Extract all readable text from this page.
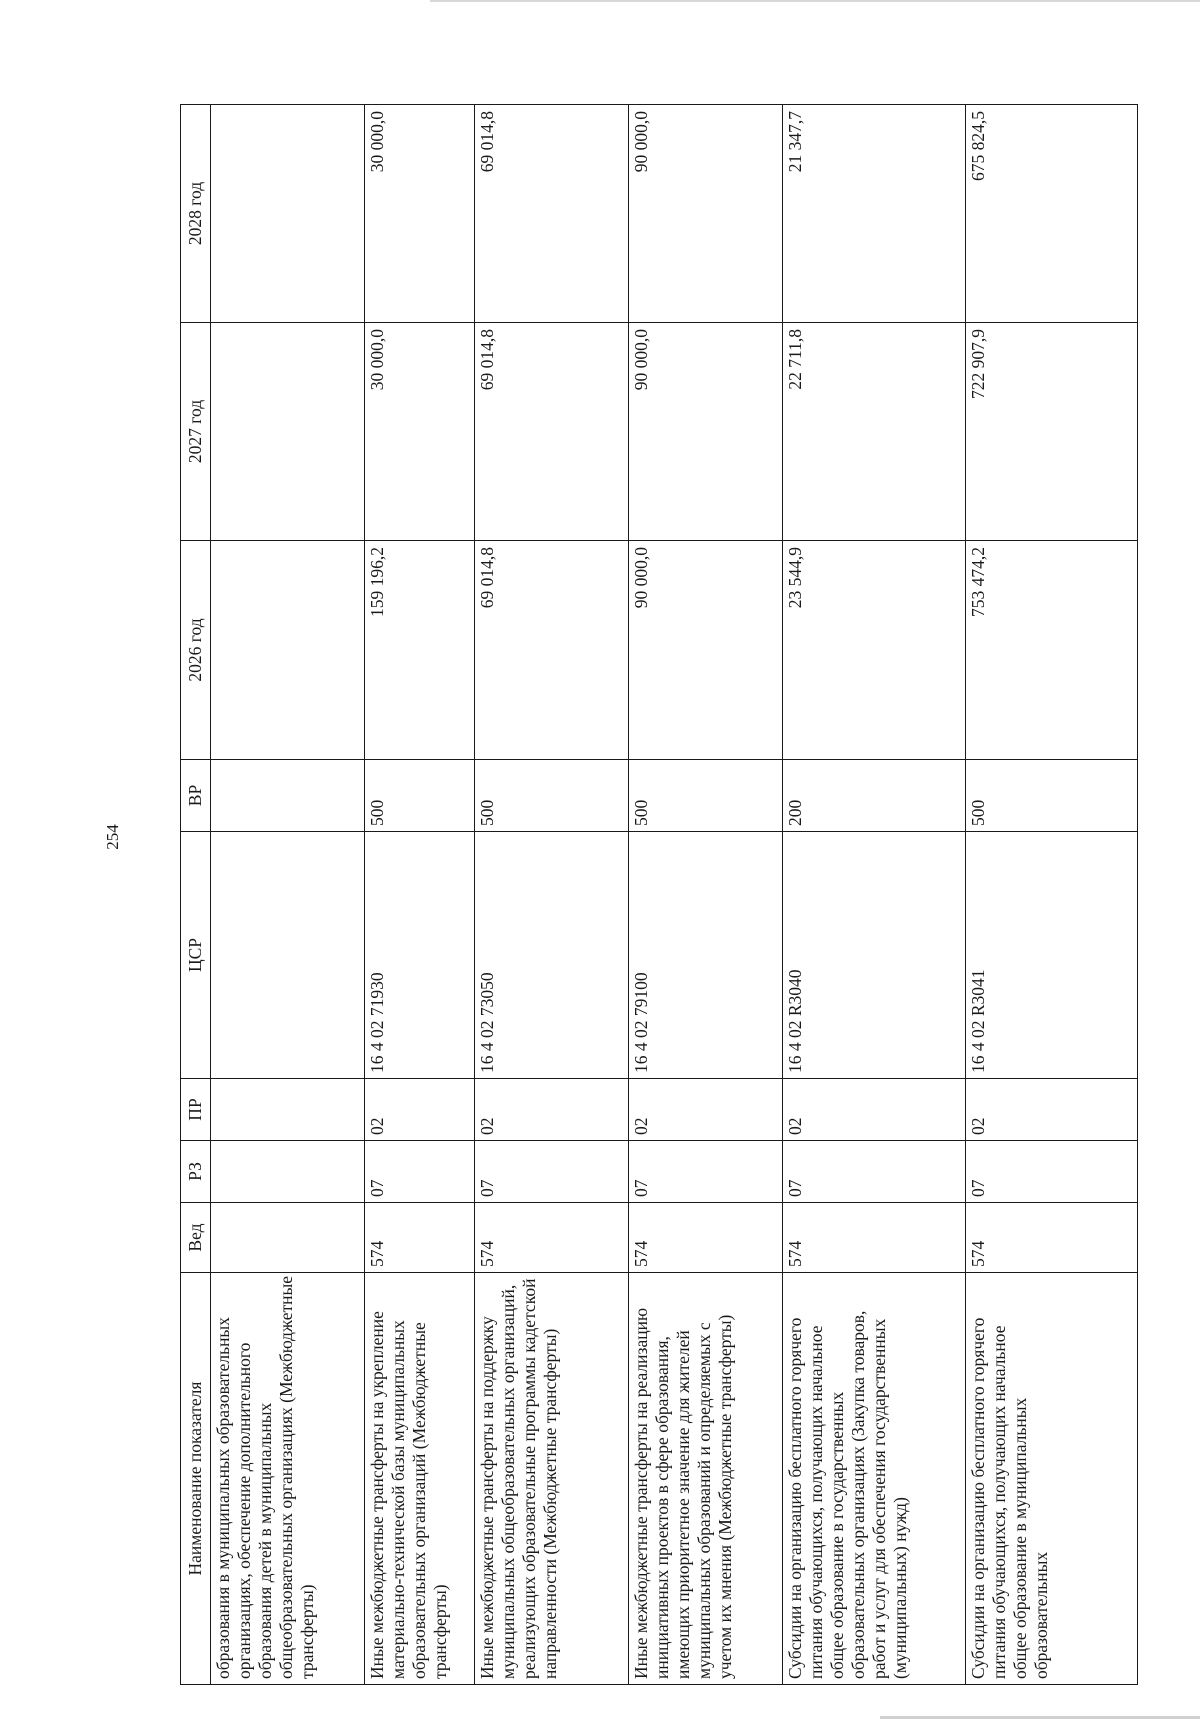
254
Наименование показателя	Вед	РЗ	ПР	ЦСР	ВР	2026 год	2027 год	2028 год
образования в муниципальных образовательных организациях, обеспечение дополнительного образования детей в муниципальных общеобразовательных организациях (Межбюджетные трансферты)								
Иные межбюджетные трансферты на укрепление материально-технической базы муниципальных образовательных организаций (Межбюджетные трансферты)	574	07	02	16 4 02 71930	500	159 196,2	30 000,0	30 000,0
Иные межбюджетные трансферты на поддержку муниципальных общеобразовательных организаций, реализующих образовательные программы кадетской направленности (Межбюджетные трансферты)	574	07	02	16 4 02 73050	500	69 014,8	69 014,8	69 014,8
Иные межбюджетные трансферты на реализацию инициативных проектов в сфере образования, имеющих приоритетное значение для жителей муниципальных образований и определяемых с учетом их мнения (Межбюджетные трансферты)	574	07	02	16 4 02 79100	500	90 000,0	90 000,0	90 000,0
Субсидии на организацию бесплатного горячего питания обучающихся, получающих начальное общее образование в государственных образовательных организациях (Закупка товаров, работ и услуг для обеспечения государственных (муниципальных) нужд)	574	07	02	16 4 02 R3040	200	23 544,9	22 711,8	21 347,7
Субсидии на организацию бесплатного горячего питания обучающихся, получающих начальное общее образование в муниципальных образовательных	574	07	02	16 4 02 R3041	500	753 474,2	722 907,9	675 824,5
